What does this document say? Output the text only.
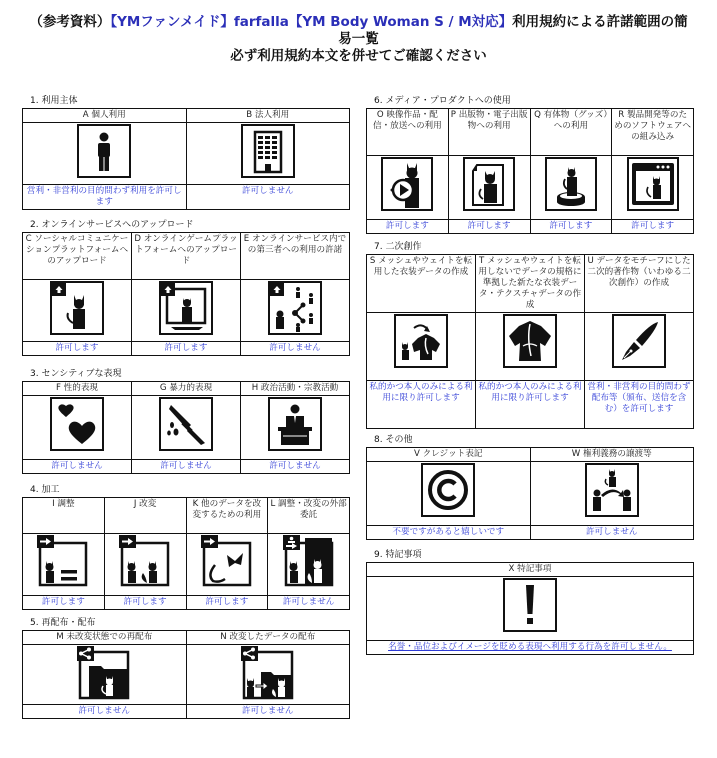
（参考資料）【YMファンメイド】farfalla【YM Body Woman S / M対応】利用規約による許諾範囲の簡
易一覧
必ず利用規約本文を併せてご確認ください
1. 利用主体
A 個人利用	B 法人利用

営利・非営利の目的問わず利用を許可します	許可しません
2. オンラインサービスへのアップロード
C ソーシャルコミュニケーションプラットフォームへのアップロード	D オンラインゲームプラットフォームへのアップロード	E オンラインサービス内での第三者への利用の許諾

許可します	許可します	許可しません
3. センシティブな表現
F 性的表現	G 暴力的表現	H 政治活動・宗教活動

許可しません	許可しません	許可しません
4. 加工
I 調整	J 改変	K 他のデータを改変するための利用	L 調整・改変の外部委託

許可します	許可します	許可します	許可しません
5. 再配布・配布
M 未改変状態での再配布	N 改変したデータの配布

許可しません	許可しません
6. メディア・プロダクトへの使用
O 映像作品・配信・放送への利用	P 出版物・電子出版物への利用	Q 有体物（グッズ）への利用	R 製品開発等のためのソフトウェアへの組み込み

許可します	許可します	許可します	許可します
7. 二次創作
S メッシュやウェイトを転用した衣装データの作成	T メッシュやウェイトを転用しないでデータの規格に準拠した新たな衣装データ・テクスチャデータの作成	U データをモチーフにした二次的著作物（いわゆる二次創作）の作成

私的かつ本人のみによる利用に限り許可します	私的かつ本人のみによる利用に限り許可します	営利・非営利の目的問わず配布等（頒布、送信を含む）を許可します
8. その他
V クレジット表記	W 権利義務の譲渡等

不要ですがあると嬉しいです	許可しません
9. 特記事項
X 特記事項

名誉・品位およびイメージを貶める表現へ利用する行為を許可しません。
